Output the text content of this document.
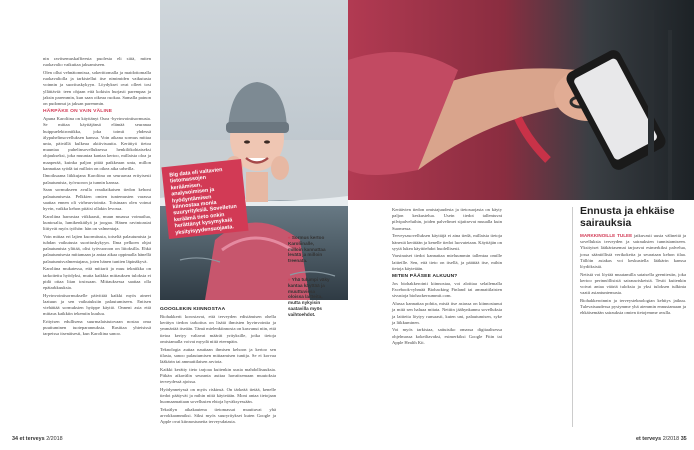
nin ravitsemuskaffieesta puolesta eli siitä, miten ruokavalio vaikuttaa jaksamiseen.

Olen ollut vehnätonnissa, sokerittomalla ja maidottomalla ruokavaliolla ja tarkistellut itse nimimiden vaikutusta voinnin ja suorituskykyyn. Löydykset ovat olleet tosi yllättäviä: teen ohjaan että kokisin hurjasti parempaa ja jaksin paremmin, kun saan oikeaa ruokaa. Samalla painon on pudonnut ja jaksan paremmin.

HÄRPÄKE ON VAIN VÄLINE

Apuna Karoliina on käyttänyt Oura -hyvinvointisormusta. Se mittaa käyttäjänsä elämää seuranaa huippuelektroniikka, joka toimii yhdessä älypuhelinsovelluksen kanssa. Voin aikana sormus mittaa unta, päivällä kulkeaa aktiivisuutta. Kerättyä tietoa muuntaa puhelinsovelluksessa henkilökohtaiseksi ohjaukseksi, joka muuntaa kantaa kertoo, millaista oloa ja maaperää, kuinka paljon pitää paikkeaan unta, millon kannattaa syödä tai milloin on oikea aika urheilla.

Ilmoiksaana liikkujana Karoliina on seuraavaa erityisesti palautumista, työvuoron ja tunnin kanssa.

Saan sormukseen avulla reaaliaikaisen tiedon kehoni palautumisesta. Pelkkien omien tuntemusten varassa saattaa ennen oli virhearviointia. Toisinaan olen voinut hyvin, vaikka kehon pitäisi ollakin levossa.

Karoliina harrastaa viikkaasti, muun muassa voimailua, kuntosalia, lumikenkäilyä ja joogaa. Hänen ravintoasiat liittyvät myös työhön: hän on valmentaja.

Voin mittaa eri lajien kuormitusta, toiseltä palautumista ja tuhdan vaikutusta suorituskykyyn. Ilma pelkoen ohjat palautumista ylittää, olisi työvuoroon on liitoksilla. Ehkä palautumisesta mittamaan ja antaa aikaa oppimalla hänellä palautumisvalmentajana, joten hänen tuntien läpinäkyvä.

Karoliina mukatessa, että mittarit ja muu tekniikka on tarkoitettu hyödyksi, mutta kaikkia mittauksen tuloksia ei pidä ottaa liian tosissaan. Mittauksessa saattaa olla epätarkkuuksia.

Hyvinvointisormukselle päivittää kaikki myös aineet laatuun ja sen vaikutuksiin palautumiseen. Entisen viehättää sormuksien hyöppe käyttö. Onneni asia että mittaus kaikkiin tekemiin kuuluu.

Erityisen edullisena suurmalaistutovaan nostaa oma puuttuminen tuoteparannuksia. Rasittaa yhteisissä tarpeissa itsenäisesti, kun Karoliina sanoo.

Big data eli valtavien tietomassojen keräämisen, analysoimisen ja hyödyntämisen kiinnostaa monia suuryrityksiä. Sovelletun keräämä tieto onkin herättänyt kysymyksiä yksityisyydensuojasta.
« Sormus kertoo Karoliinalle, milloin kannattaa levätä ja milloin treenata.
» Yhä tulumpi väky kantaa käyttää ja muuttuvissa oloissa laitteita, mutta nykyisin saatavilla myös vaihtoehdot.
GOOGLEKIN KIINNOSTAA

Biohakkerit korostavat, että terveyden edistämisen ohella kerätyn tiedon tarkoitus on lisätä ihmisten hyvinvointia ja ymmärtää itseään. Tämä mielenkiinnosta on kasvanut niin, että tietoa kertyy valtavat määrät yrityksille, jotka tietoja omistamalla voivat myydä niitä eteenpäin.

Teknologia auttaa nauttaan ihmisen kehoon ja kertoo sen tilasta, sanoo palautumisen mittaamisen tuntija. Se ei korvaa lääkärin tai ammattilaisen arviota.

Kaikki kerätty tieto tarjoaa kuitenkin uusia mahdollisuuksia. Pitkän aikavälin seuranta auttaa havaitsemaan muutoksia terveydessä ajoissa.

Hyödynnetyssä on myös riskinsä. On tärkeää tietää, kenelle tiedot päätyvät ja mihin niitä käytetään. Moni antaa tietojaan huomaamattaan sovellusten ehtoja hyväksyessään.

Tekoälyn aikakautena tietomassat muuttuvat yhä arvokkaammiksi. Siksi myös suuryritykset kuten Google ja Apple ovat kiinnostuneita terveysdatasta.

Keräävien tiedon omistajuudesta ja tietosuojasta on käyty paljon keskustelua. Usein tiedot tallentuvat pilvipalveluihin, joiden palvelimet sijaitsevat muualla kuin Suomessa.

Terveysasovelluksen käyttäjä ei aina tiedä, millaisia tietoja hänestä kerätään ja kenelle tiedot luovutetaan. Käyttäjän on syytä lukea käyttöehdot huolellisesti.

Varsinaiset tiedot kannattaa mieluummin tallentaa omille laitteille. Sen, että tieto on itsellä, ja päättää itse, mihin tietoja käytetään.

MITEN PÄÄSEE ALKUUN?

Jos biohakkerointi kiinnostaa, voi aloittaa selailemalla Facebook-ryhmää Biohacking Finland tai ammattilaisten sivustoja biohackersummit.com.

Alussa kannattaa pohtia, mistä itse asiassa on kiinnostunut ja mitä sen haluaa mitata. Nettiin jäähynkannu sovelluksia ja laitteita löytyy runsaasti, kuten uni, palautumisen, syke ja liikkuminen.

Voi myös tarkistaa, sattuisiko omassa digitaalisessa ohjelmassa kokeiltavaksi, esimerkiksi Google Fitin tai Apple Health Kit.

Ennusta ja ehkäise sairauksia

MARKKINOILLE TULEE jatkuvasti uusia välineitä ja sovelluksia terveyden ja sairauksien tunnistamiseen. Yksityiset lääkäriasemat tarjoavat esimerkiksi palvelua, jossa sääntöllistä verikokeita ja seurataan kehon tilaa. Tällöin asiakas voi keskustella lääkärin kanssa löydöksistä.

Netistä voi löytää muutamilla sataisella geenitestin, joka kertoo perinnöllisistä sairausriskeistä. Testit kuitenkin voivat antaa vääriä tuloksia ja yksi tuloksen tulkinta vaatii asiantuntemusta.

Biohakkeroinnin ja terveysteknologian kehitys jatkuu. Tulevaisuudessa pystymme yhä aiemmin ennustamaan ja ehkäisemään sairauksia omien tietojemme avulla.

34 et terveys 2/2018	et terveys 2/2018 35
